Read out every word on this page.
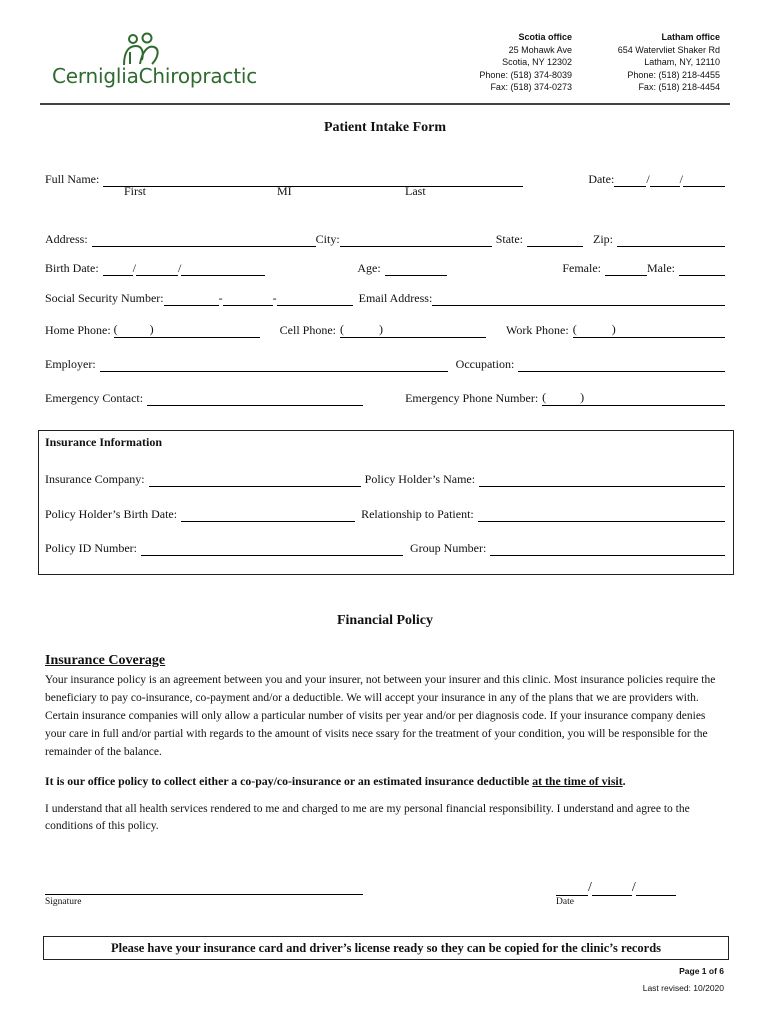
CernigliaChiropractic
Scotia office
25 Mohawk Ave
Scotia, NY 12302
Phone: (518) 374-8039
Fax: (518) 374-0273
Latham office
654 Watervliet Shaker Rd
Latham, NY, 12110
Phone: (518) 218-4455
Fax: (518) 218-4454
Patient Intake Form
Full Name:	Date:	/	/
First	MI	Last
Address:	City:	State:	Zip:
Birth Date:	/	/	Age:	Female:	Male:
Social Security Number:	-	-	Email Address:
Home Phone: (	)	Cell Phone: (	)	Work Phone: (	)
Employer:	Occupation:
Emergency Contact:	Emergency Phone Number: (	)
Insurance Information
Insurance Company:	Policy Holder’s Name:
Policy Holder’s Birth Date:	Relationship to Patient:
Policy ID Number:	Group Number:
Financial Policy
Insurance Coverage
Your insurance policy is an agreement between you and your insurer, not between your insurer and this clinic. Most insurance policies require the beneficiary to pay co-insurance, co-payment and/or a deductible. We will accept your insurance in any of the plans that we are providers with. Certain insurance companies will only allow a particular number of visits per year and/or per diagnosis code. If your insurance company denies your care in full and/or partial with regards to the amount of visits nece ssary for the treatment of your condition, you will be responsible for the remainder of the balance.
It is our office policy to collect either a co-pay/co-insurance or an estimated insurance deductible at the time of visit.
I understand that all health services rendered to me and charged to me are my personal financial responsibility. I understand and agree to the conditions of this policy.
Signature
/	/
Date
Please have your insurance card and driver’s license ready so they can be copied for the clinic’s records
Page 1 of 6
Last revised: 10/2020
